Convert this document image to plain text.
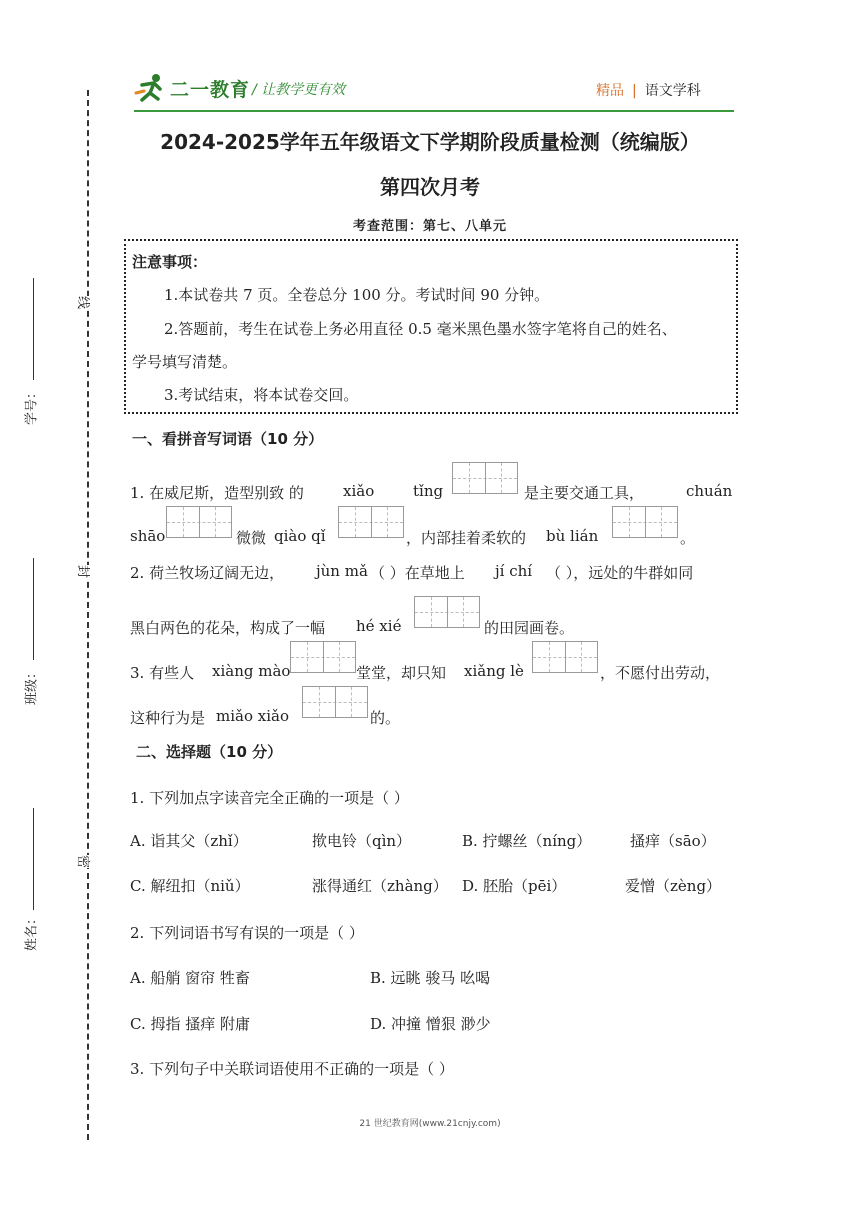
学号：
班级：
姓名：
线
封
密
二一教育 / 让教学更有效	精品 | 语文学科
2024-2025学年五年级语文下学期阶段质量检测（统编版）
第四次月考
考查范围：第七、八单元
注意事项：
1.本试卷共 7 页。全卷总分 100 分。考试时间 90 分钟。
2.答题前，考生在试卷上务必用直径 0.5 毫米黑色墨水签字笔将自己的姓名、
学号填写清楚。
3.考试结束，将本试卷交回。
一、看拼音写词语（10 分）
1. 在威尼斯，造型别致 的	xiǎo	tǐng	是主要交通工具，	chuán
shāo	微微 qiào qǐ	，内部挂着柔软的 bù lián	。
2. 荷兰牧场辽阔无边， jùn mǎ （ ）在草地上 jí chí （ ），远处的牛群如同
黑白两色的花朵，构成了一幅 hé xié	的田园画卷。
3. 有些人 xiàng mào	堂堂，却只知 xiǎng lè	，不愿付出劳动，
这种行为是 miǎo xiǎo	的。
二、选择题（10 分）
1. 下列加点字读音完全正确的一项是（ ）
A. 诣其父（zhǐ）	揿电铃（qìn）	B. 拧螺丝（níng）	搔痒（sāo）
C. 解纽扣（niǔ）	涨得通红（zhàng） D. 胚胎（pēi）	爱憎（zèng）
2. 下列词语书写有误的一项是（ ）
A. 船艄 窗帘 牲畜	B. 远眺 骏马 吆喝
C. 拇指 搔痒 附庸	D. 冲撞 憎狠 渺少
3. 下列句子中关联词语使用不正确的一项是（ ）
21 世纪教育网(www.21cnjy.com)
